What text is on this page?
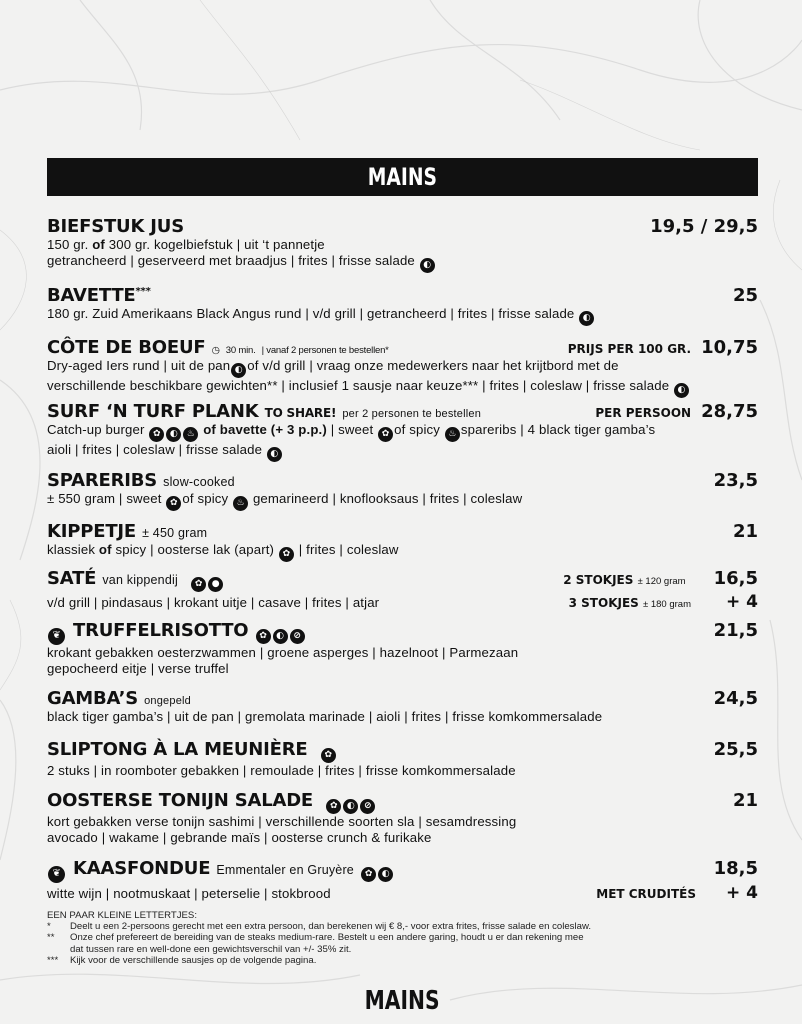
MAINS
BIEFSTUK JUS	19,5 / 29,5
150 gr. of 300 gr. kogelbiefstuk | uit ‘t pannetje
getrancheerd | geserveerd met braadjus | frites | frisse salade ◐
BAVETTE***	25
180 gr. Zuid Amerikaans Black Angus rund | v/d grill | getrancheerd | frites | frisse salade ◐
CÔTE DE BOEUF ◷ 30 min. | vanaf 2 personen te bestellen*	PRIJS PER 100 GR. 10,75
Dry-aged Iers rund | uit de pan ◐ of v/d grill | vraag onze medewerkers naar het krijtbord met de
verschillende beschikbare gewichten** | inclusief 1 sausje naar keuze*** | frites | coleslaw | frisse salade ◐
SURF ‘N TURF PLANK TO SHARE! per 2 personen te bestellen	PER PERSOON 28,75
Catch-up burger ✿ ◐ ♨ of bavette (+ 3 p.p.) | sweet ✿ of spicy ♨ spareribs | 4 black tiger gamba’s
aioli | frites | coleslaw | frisse salade ◐
SPARERIBS slow-cooked	23,5
± 550 gram | sweet ✿ of spicy ♨ gemarineerd | knoflooksaus | frites | coleslaw
KIPPETJE ± 450 gram	21
klassiek of spicy | oosterse lak (apart) ✿ | frites | coleslaw
SATÉ van kippendij ✿ ●	2 STOKJES ± 120 gram 16,5
v/d grill | pindasaus | krokant uitje | casave | frites | atjar	3 STOKJES ± 180 gram + 4
❦ TRUFFELRISOTTO ✿ ◐ ⊘	21,5
krokant gebakken oesterzwammen | groene asperges | hazelnoot | Parmezaan
gepocheerd eitje | verse truffel
GAMBA’S ongepeld	24,5
black tiger gamba’s | uit de pan | gremolata marinade | aioli | frites | frisse komkommersalade
SLIPTONG À LA MEUNIÈRE ✿	25,5
2 stuks | in roomboter gebakken | remoulade | frites | frisse komkommersalade
OOSTERSE TONIJN SALADE ✿ ◐ ⊘	21
kort gebakken verse tonijn sashimi | verschillende soorten sla | sesamdressing
avocado | wakame | gebrande maïs | oosterse crunch & furikake
❦ KAASFONDUE Emmentaler en Gruyère ✿ ◐	18,5
witte wijn | nootmuskaat | peterselie | stokbrood	MET CRUDITÉS + 4
EEN PAAR KLEINE LETTERTJES:
*	Deelt u een 2-persoons gerecht met een extra persoon, dan berekenen wij € 8,- voor extra frites, frisse salade en coleslaw.
**	Onze chef prefereert de bereiding van de steaks medium-rare. Bestelt u een andere garing, houdt u er dan rekening mee
dat tussen rare en well-done een gewichtsverschil van +/- 35% zit.
***	Kijk voor de verschillende sausjes op de volgende pagina.
MAINS
